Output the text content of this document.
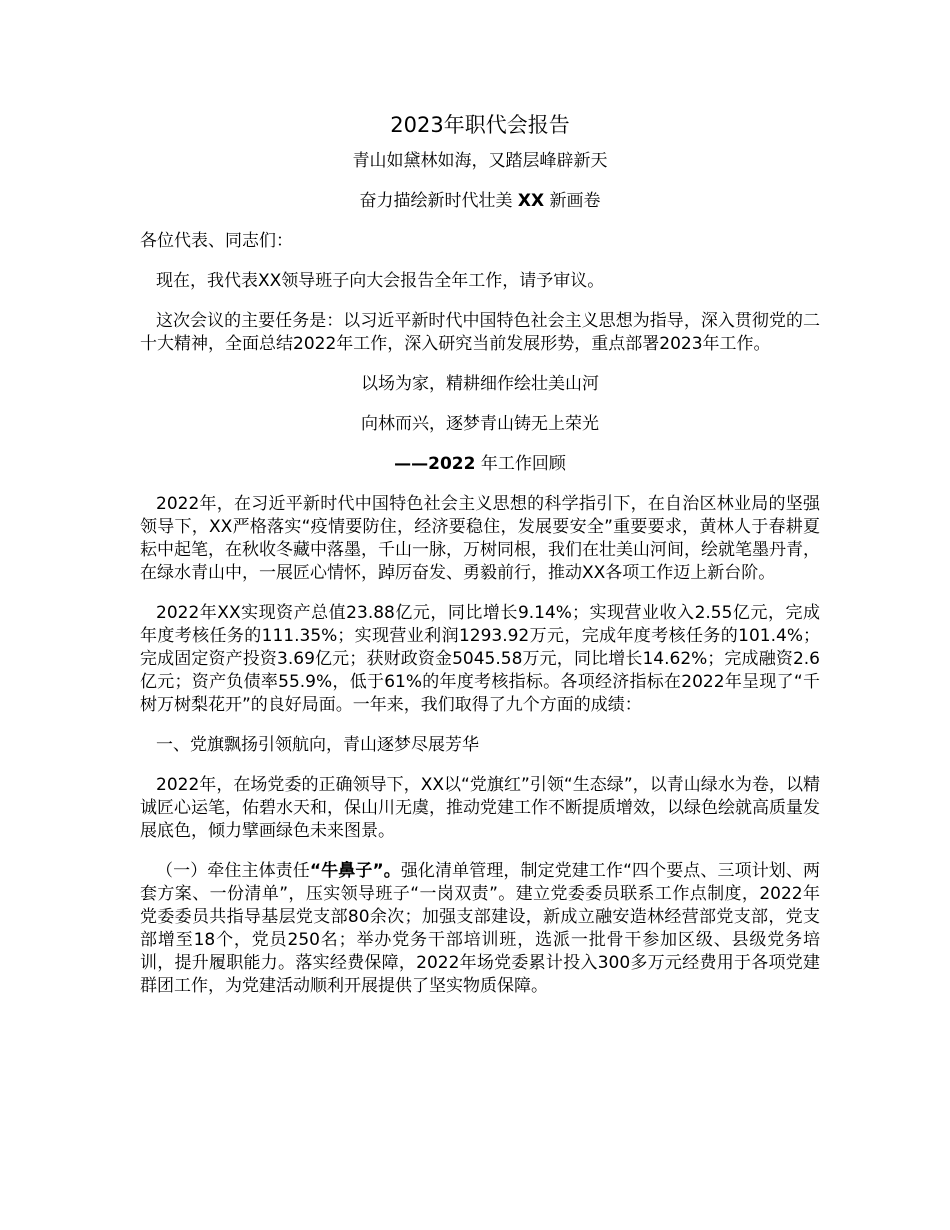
2023年职代会报告
青山如黛林如海，又踏层峰辟新天
奋力描绘新时代壮美 XX 新画卷
各位代表、同志们：
现在，我代表XX领导班子向大会报告全年工作，请予审议。
这次会议的主要任务是：以习近平新时代中国特色社会主义思想为指导，深入贯彻党的二十大精神，全面总结2022年工作，深入研究当前发展形势，重点部署2023年工作。
以场为家，精耕细作绘壮美山河
向林而兴，逐梦青山铸无上荣光
——2022 年工作回顾
2022年，在习近平新时代中国特色社会主义思想的科学指引下，在自治区林业局的坚强领导下，XX严格落实“疫情要防住，经济要稳住，发展要安全”重要要求，黄林人于春耕夏耘中起笔，在秋收冬藏中落墨，千山一脉，万树同根，我们在壮美山河间，绘就笔墨丹青，在绿水青山中，一展匠心情怀，踔厉奋发、勇毅前行，推动XX各项工作迈上新台阶。
2022年XX实现资产总值23.88亿元，同比增长9.14%；实现营业收入2.55亿元，完成年度考核任务的111.35%；实现营业利润1293.92万元，完成年度考核任务的101.4%；完成固定资产投资3.69亿元；获财政资金5045.58万元，同比增长14.62%；完成融资2.6亿元；资产负债率55.9%，低于61%的年度考核指标。各项经济指标在2022年呈现了“千树万树梨花开”的良好局面。一年来，我们取得了九个方面的成绩：
一、党旗飘扬引领航向，青山逐梦尽展芳华
2022年，在场党委的正确领导下，XX以“党旗红”引领“生态绿”，以青山绿水为卷，以精诚匠心运笔，佑碧水天和，保山川无虞，推动党建工作不断提质增效，以绿色绘就高质量发展底色，倾力擘画绿色未来图景。
（一）牵住主体责任“牛鼻子”。强化清单管理，制定党建工作“四个要点、三项计划、两套方案、一份清单”，压实领导班子“一岗双责”。建立党委委员联系工作点制度，2022年党委委员共指导基层党支部80余次；加强支部建设，新成立融安造林经营部党支部，党支部增至18个，党员250名；举办党务干部培训班，选派一批骨干参加区级、县级党务培训，提升履职能力。落实经费保障，2022年场党委累计投入300多万元经费用于各项党建群团工作，为党建活动顺利开展提供了坚实物质保障。
